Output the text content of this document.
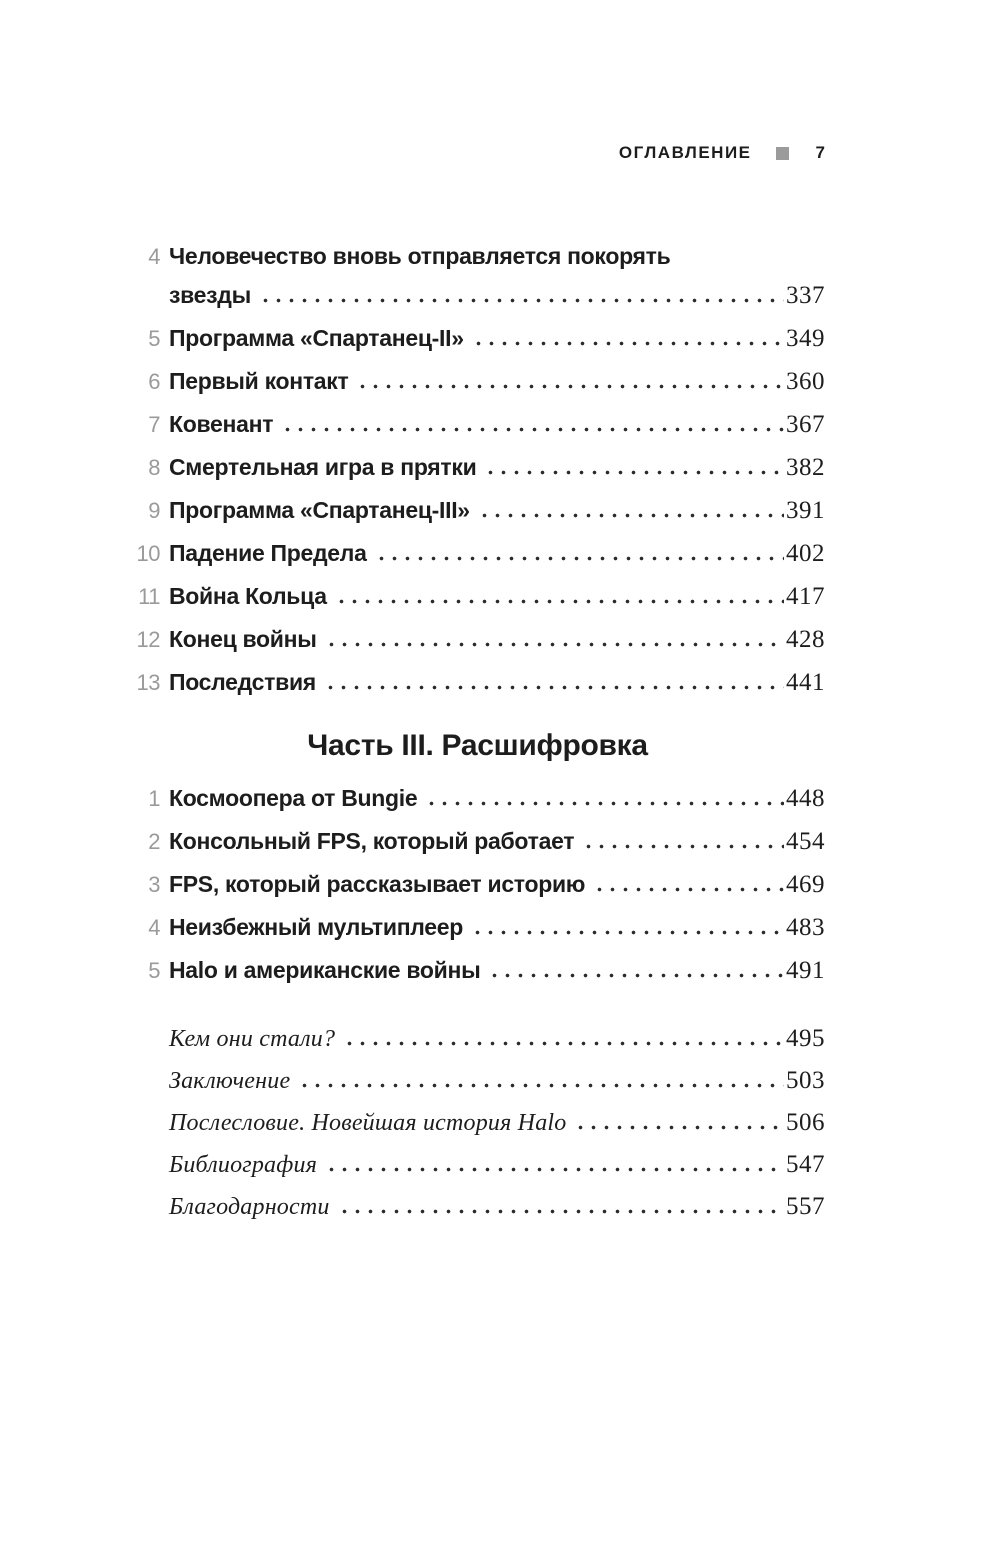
ОГЛАВЛЕНИЕ	7
4 Человечество вновь отправляется покорять
звезды	337
5 Программа «Спартанец-II»	349
6 Первый контакт	360
7 Ковенант	367
8 Смертельная игра в прятки	382
9 Программа «Спартанец-III»	391
10 Падение Предела	402
11 Война Кольца	417
12 Конец войны	428
13 Последствия	441
Часть III. Расшифровка
1 Космоопера от Bungie	448
2 Консольный FPS, который работает	454
3 FPS, который рассказывает историю	469
4 Неизбежный мультиплеер	483
5 Halo и американские войны	491
Кем они стали?	495
Заключение	503
Послесловие. Новейшая история Halo	506
Библиография	547
Благодарности	557
